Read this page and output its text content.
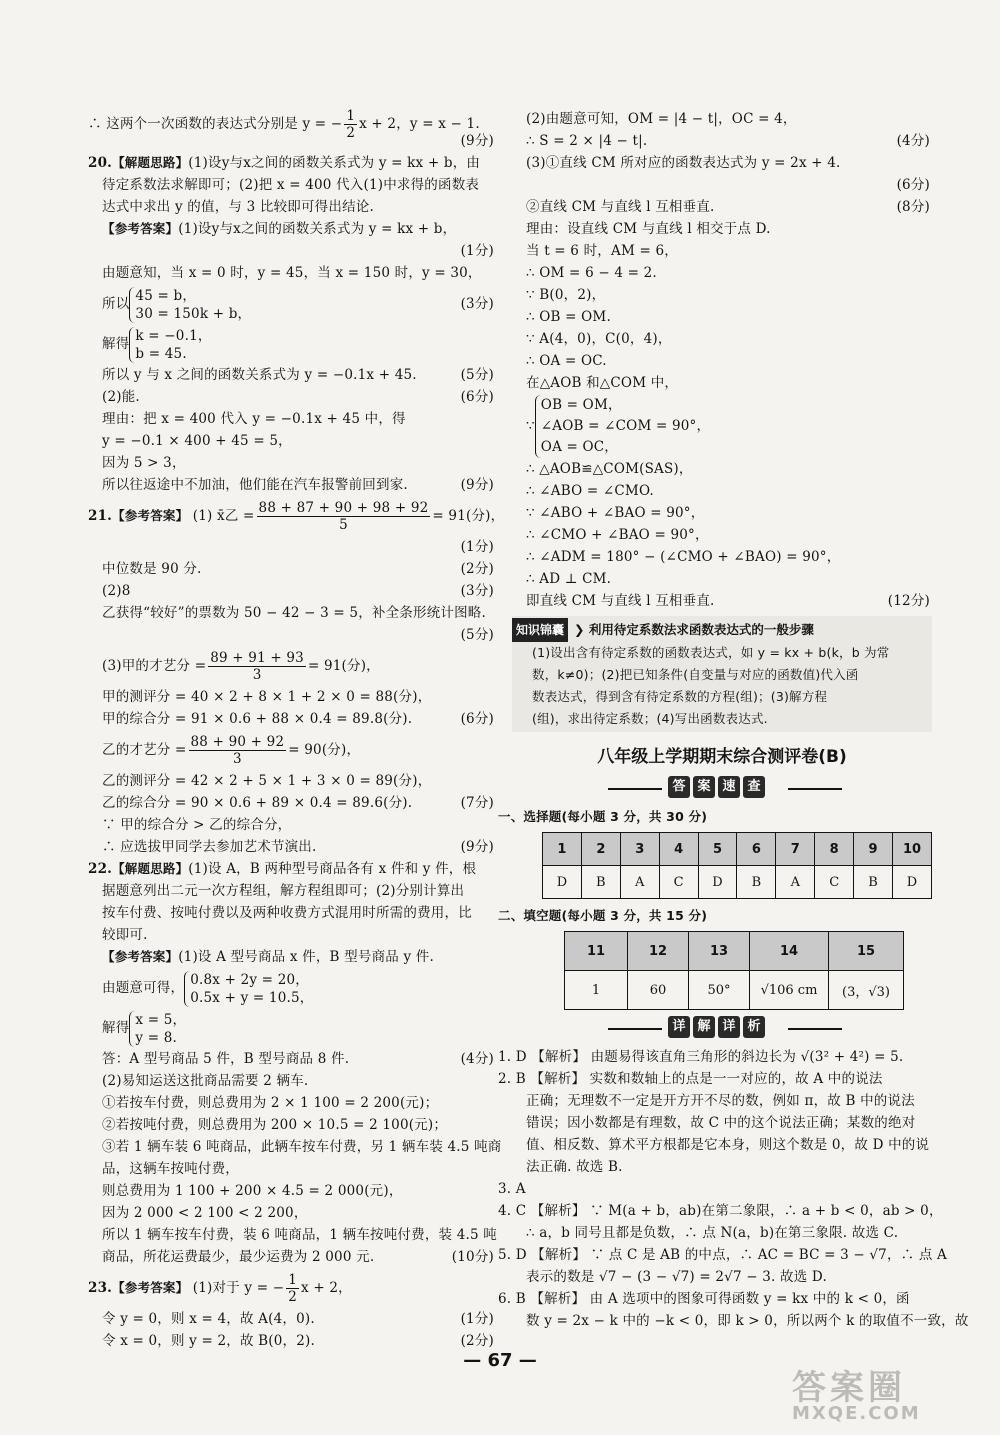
∴ 这两个一次函数的表达式分别是 y = − $\frac{1}{2}$ x + 2，y = x − 1.
(9分)
20.【解题思路】(1)设y与x之间的函数关系式为 y = kx + b，由
待定系数法求解即可；(2)把 x = 400 代入(1)中求得的函数表
达式中求出 y 的值，与 3 比较即可得出结论.
【参考答案】(1)设y与x之间的函数关系式为 y = kx + b，
(1分)
由题意知，当 x = 0 时，y = 45，当 x = 150 时，y = 30，
所以
45 = b，
30 = 150k + b，
(3分)
解得
k = −0.1，
b = 45.
所以 y 与 x 之间的函数关系式为 y = −0.1x + 45.	(5分)
(2)能.	(6分)
理由：把 x = 400 代入 y = −0.1x + 45 中，得
y = −0.1 × 400 + 45 = 5，
因为 5 > 3，
所以往返途中不加油，他们能在汽车报警前回到家.	(9分)
21.【参考答案】 (1) x̄乙 = $\frac{88 + 87 + 90 + 98 + 92}{5} = 91$(分)，
(1分)
中位数是 90 分.	(2分)
(2)8	(3分)
乙获得“较好”的票数为 50 − 42 − 3 = 5，补全条形统计图略.
(5分)
(3)甲的才艺分 = $\frac{89 + 91 + 93}{3} = 91$(分)，
甲的测评分 = 40 × 2 + 8 × 1 + 2 × 0 = 88(分)，
甲的综合分 = 91 × 0.6 + 88 × 0.4 = 89.8(分).	(6分)
乙的才艺分 = $\frac{88 + 90 + 92}{3} = 90$(分)，
乙的测评分 = 42 × 2 + 5 × 1 + 3 × 0 = 89(分)，
乙的综合分 = 90 × 0.6 + 89 × 0.4 = 89.6(分).	(7分)
∵ 甲的综合分 > 乙的综合分，
∴ 应选拔甲同学去参加艺术节演出.	(9分)
22.【解题思路】(1)设 A，B 两种型号商品各有 x 件和 y 件，根
据题意列出二元一次方程组，解方程组即可；(2)分别计算出
按车付费、按吨付费以及两种收费方式混用时所需的费用，比
较即可.
【参考答案】(1)设 A 型号商品 x 件，B 型号商品 y 件.
由题意可得，
0.8x + 2y = 20，
0.5x + y = 10.5，
解得
x = 5，
y = 8.
答：A 型号商品 5 件，B 型号商品 8 件.	(4分)
(2)易知运送这批商品需要 2 辆车.
①若按车付费，则总费用为 2 × 1 100 = 2 200(元)；
②若按吨付费，则总费用为 200 × 10.5 = 2 100(元)；
③若 1 辆车装 6 吨商品，此辆车按车付费，另 1 辆车装 4.5 吨商
品，这辆车按吨付费，
则总费用为 1 100 + 200 × 4.5 = 2 000(元)，
因为 2 000 < 2 100 < 2 200，
所以 1 辆车按车付费，装 6 吨商品，1 辆车按吨付费，装 4.5 吨
商品，所花运费最少，最少运费为 2 000 元.	(10分)
23.【参考答案】 (1)对于 y = − $\frac{1}{2}$ x + 2，
令 y = 0，则 x = 4，故 A(4，0).	(1分)
令 x = 0，则 y = 2，故 B(0，2).	(2分)
(2)由题意可知，OM = |4 − t|，OC = 4，
∴ S = 2 × |4 − t|.	(4分)
(3)①直线 CM 所对应的函数表达式为 y = 2x + 4.
(6分)
②直线 CM 与直线 l 互相垂直.	(8分)
理由：设直线 CM 与直线 l 相交于点 D.
当 t = 6 时，AM = 6，
∴ OM = 6 − 4 = 2.
∵ B(0，2)，
∴ OB = OM.
∵ A(4，0)，C(0，4)，
∴ OA = OC.
在△AOB 和△COM 中，
∵
OB = OM，
∠AOB = ∠COM = 90°，
OA = OC，
∴ △AOB≌△COM(SAS)，
∴ ∠ABO = ∠CMO.
∵ ∠ABO + ∠BAO = 90°，
∴ ∠CMO + ∠BAO = 90°，
∴ ∠ADM = 180° − (∠CMO + ∠BAO) = 90°，
∴ AD ⊥ CM.
即直线 CM 与直线 l 互相垂直.	(12分)
知识锦囊 ❯ 利用待定系数法求函数表达式的一般步骤
(1)设出含有待定系数的函数表达式，如 y = kx + b(k，b 为常
数，k≠0)；(2)把已知条件(自变量与对应的函数值)代入函
数表达式，得到含有待定系数的方程(组)；(3)解方程
(组)，求出待定系数；(4)写出函数表达式.
八年级上学期期末综合测评卷(B)
答 案 速 查
一、选择题(每小题 3 分，共 30 分)
1	2	3	4	5	6	7	8	9	10
D	B	A	C	D	B	A	C	B	D
二、填空题(每小题 3 分，共 15 分)
11	12	13	14	15
1	60	50°	√106 cm	(3，√3)
详 解 详 析
1. D 【解析】 由题易得该直角三角形的斜边长为 √(3² + 4²) = 5.
2. B 【解析】 实数和数轴上的点是一一对应的，故 A 中的说法
正确；无理数不一定是开方开不尽的数，例如 π，故 B 中的说法
错误；因小数都是有理数，故 C 中的这个说法正确；某数的绝对
值、相反数、算术平方根都是它本身，则这个数是 0，故 D 中的说
法正确. 故选 B.
3. A
4. C 【解析】 ∵ M(a + b，ab)在第二象限，∴ a + b < 0，ab > 0，
∴ a，b 同号且都是负数，∴ 点 N(a，b)在第三象限. 故选 C.
5. D 【解析】 ∵ 点 C 是 AB 的中点，∴ AC = BC = 3 − √7，∴ 点 A
表示的数是 √7 − (3 − √7) = 2√7 − 3. 故选 D.
6. B 【解析】 由 A 选项中的图象可得函数 y = kx 中的 k < 0，函
数 y = 2x − k 中的 −k < 0，即 k > 0，所以两个 k 的取值不一致，故
— 67 —
答案圈
MXQE.COM
